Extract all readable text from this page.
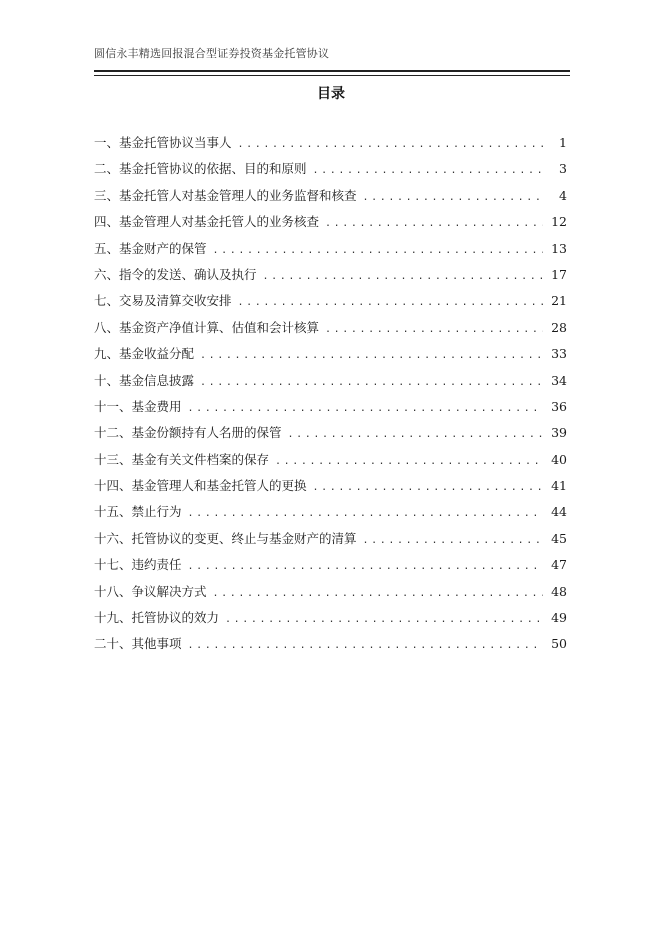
圆信永丰精选回报混合型证券投资基金托管协议
目录
一、基金托管协议当事人 .....	1
二、基金托管协议的依据、目的和原则 .....	3
三、基金托管人对基金管理人的业务监督和核查 .....	4
四、基金管理人对基金托管人的业务核查 .....	12
五、基金财产的保管 .....	13
六、指令的发送、确认及执行 .....	17
七、交易及清算交收安排 .....	21
八、基金资产净值计算、估值和会计核算 .....	28
九、基金收益分配 .....	33
十、基金信息披露 .....	34
十一、基金费用 .....	36
十二、基金份额持有人名册的保管 .....	39
十三、基金有关文件档案的保存 .....	40
十四、基金管理人和基金托管人的更换 .....	41
十五、禁止行为 .....	44
十六、托管协议的变更、终止与基金财产的清算 .....	45
十七、违约责任 .....	47
十八、争议解决方式 .....	48
十九、托管协议的效力 .....	49
二十、其他事项 .....	50
